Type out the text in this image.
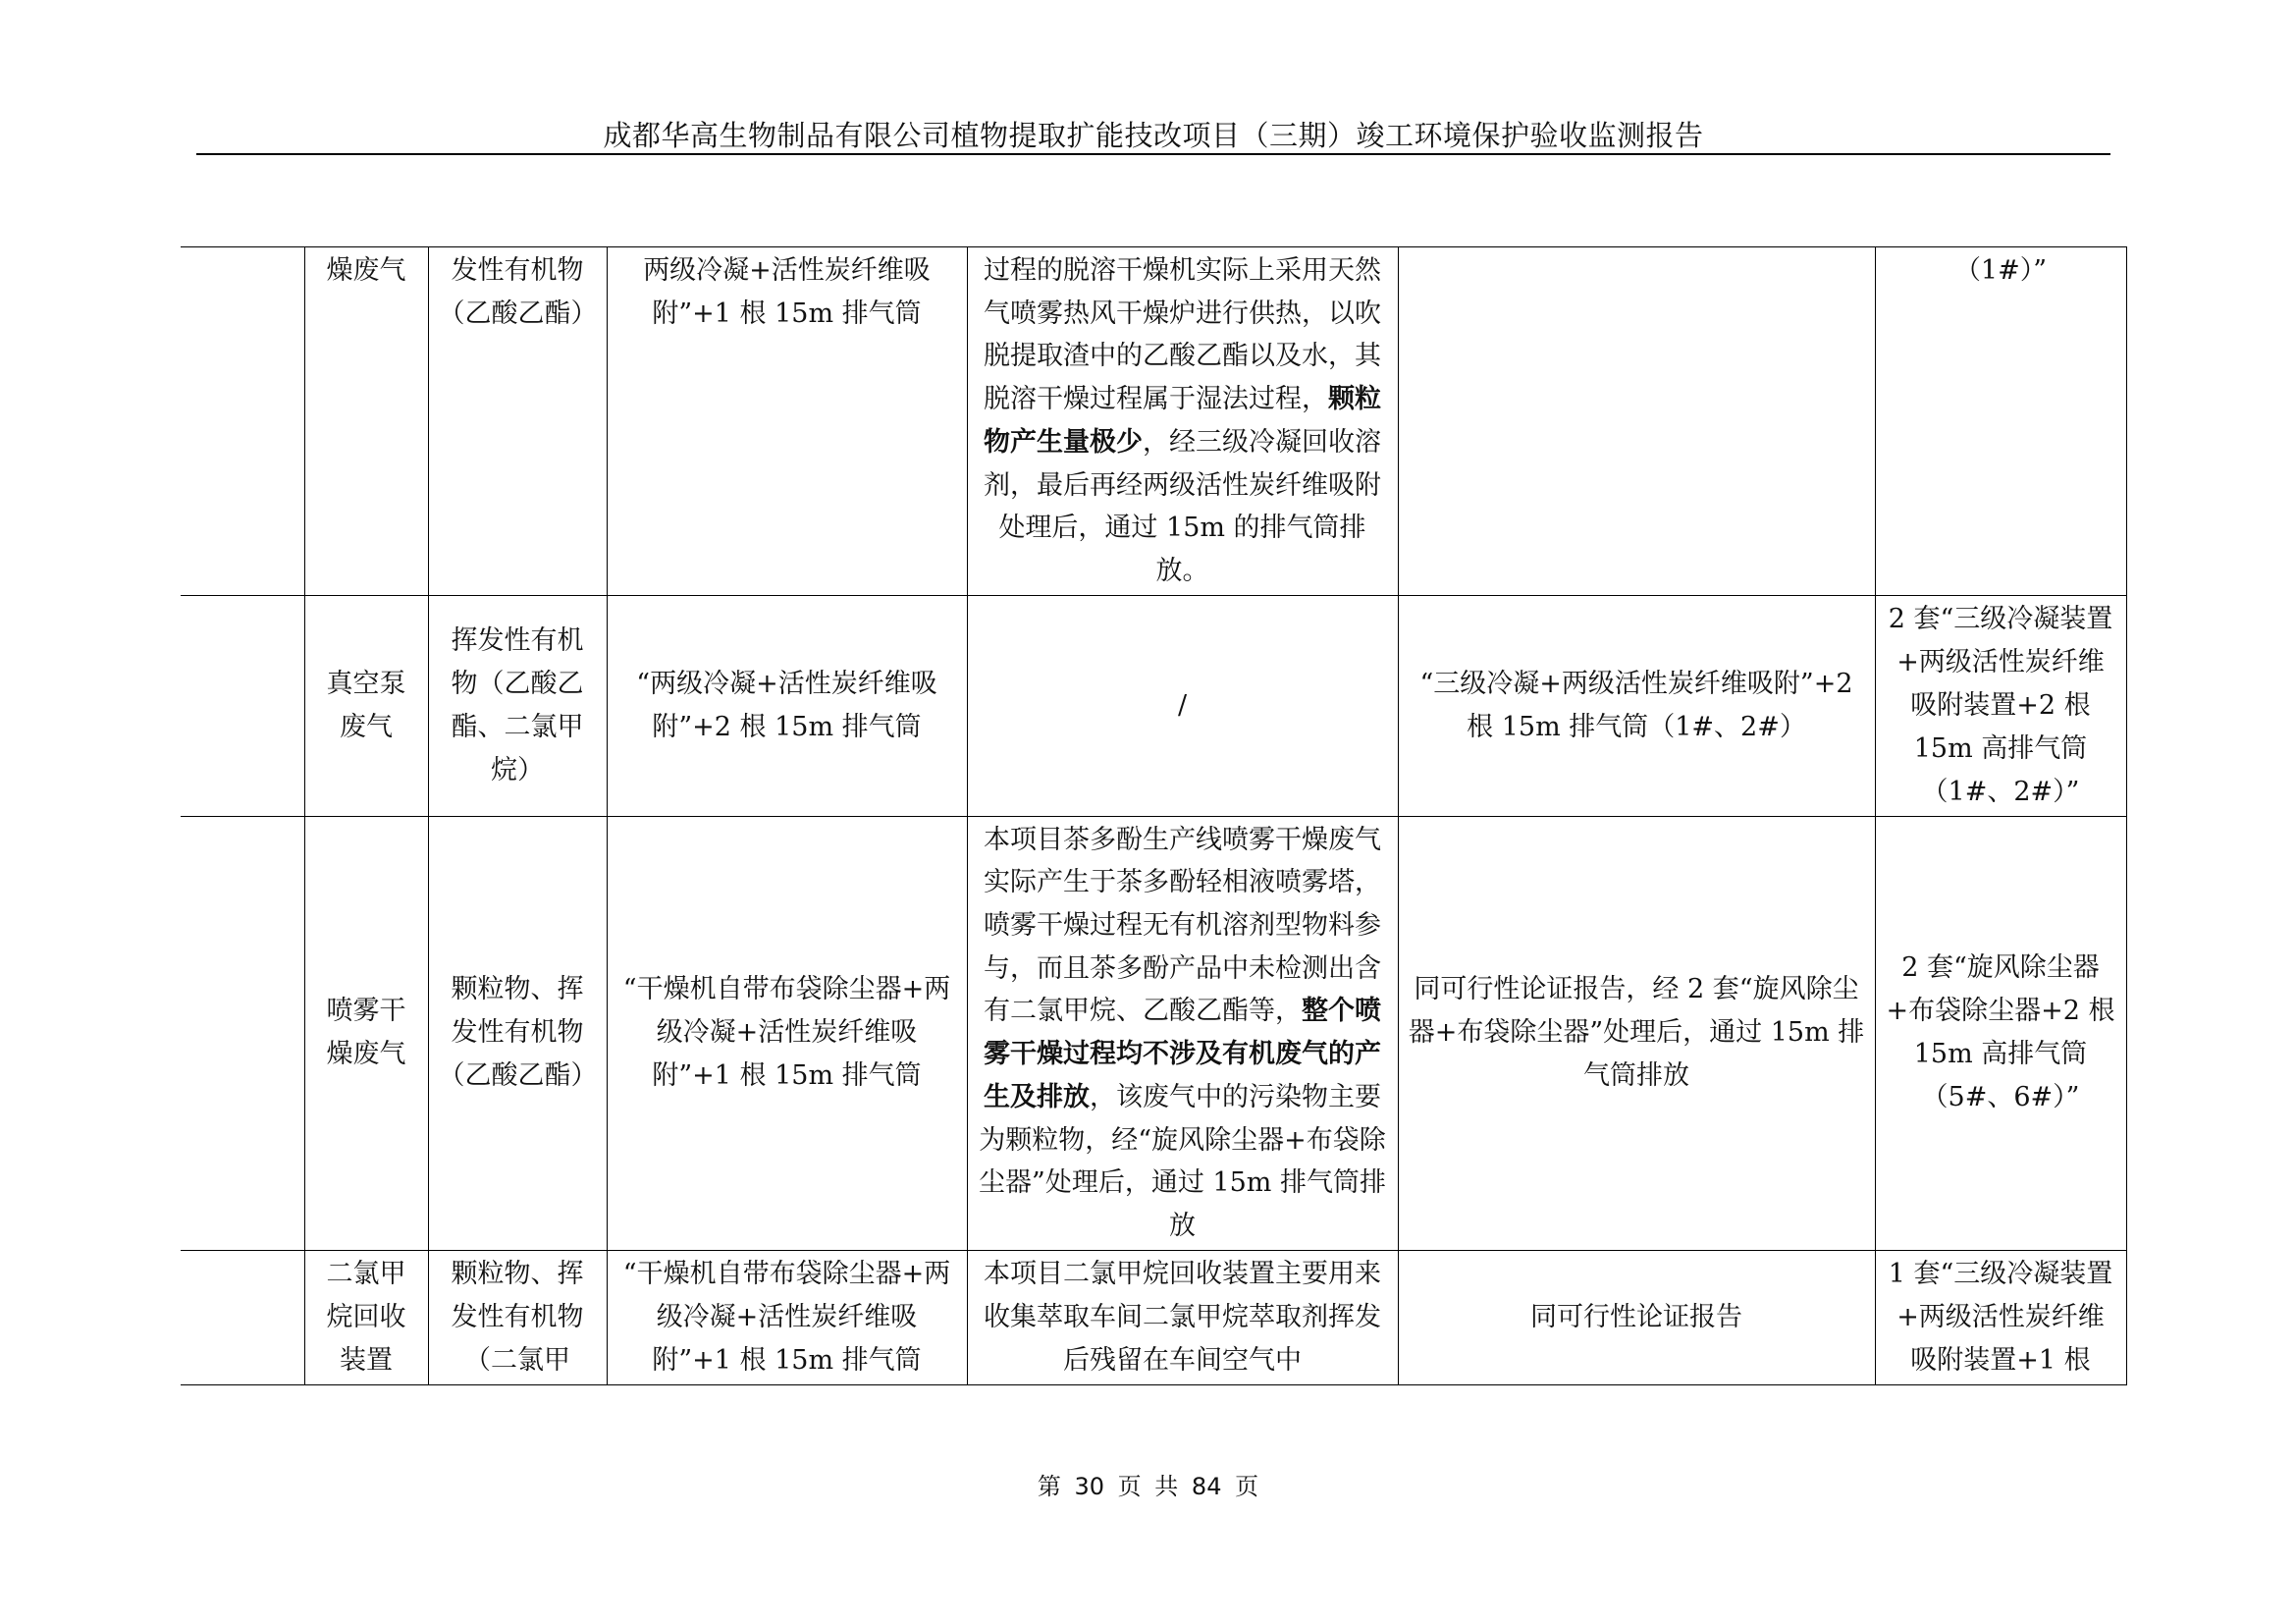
成都华高生物制品有限公司植物提取扩能技改项目（三期）竣工环境保护验收监测报告
	燥废气	发性有机物（乙酸乙酯）	两级冷凝+活性炭纤维吸附”+1 根 15m 排气筒	过程的脱溶干燥机实际上采用天然气喷雾热风干燥炉进行供热，以吹脱提取渣中的乙酸乙酯以及水，其脱溶干燥过程属于湿法过程，颗粒物产生量极少，经三级冷凝回收溶剂，最后再经两级活性炭纤维吸附处理后，通过 15m 的排气筒排放。		（1#）”
	真空泵废气	挥发性有机物（乙酸乙酯、二氯甲烷）	“两级冷凝+活性炭纤维吸附”+2 根 15m 排气筒	/	“三级冷凝+两级活性炭纤维吸附”+2 根 15m 排气筒（1#、2#）	2 套“三级冷凝装置+两级活性炭纤维吸附装置+2 根 15m 高排气筒（1#、2#）”
	喷雾干燥废气	颗粒物、挥发性有机物（乙酸乙酯）	“干燥机自带布袋除尘器+两级冷凝+活性炭纤维吸附”+1 根 15m 排气筒	本项目茶多酚生产线喷雾干燥废气实际产生于茶多酚轻相液喷雾塔，喷雾干燥过程无有机溶剂型物料参与，而且茶多酚产品中未检测出含有二氯甲烷、乙酸乙酯等，整个喷雾干燥过程均不涉及有机废气的产生及排放，该废气中的污染物主要为颗粒物，经“旋风除尘器+布袋除尘器”处理后，通过 15m 排气筒排放	同可行性论证报告，经 2 套“旋风除尘器+布袋除尘器”处理后，通过 15m 排气筒排放	2 套“旋风除尘器+布袋除尘器+2 根 15m 高排气筒（5#、6#）”
	二氯甲烷回收装置	颗粒物、挥发性有机物（二氯甲	“干燥机自带布袋除尘器+两级冷凝+活性炭纤维吸附”+1 根 15m 排气筒	本项目二氯甲烷回收装置主要用来收集萃取车间二氯甲烷萃取剂挥发后残留在车间空气中	同可行性论证报告	1 套“三级冷凝装置+两级活性炭纤维吸附装置+1 根
第 30 页 共 84 页
